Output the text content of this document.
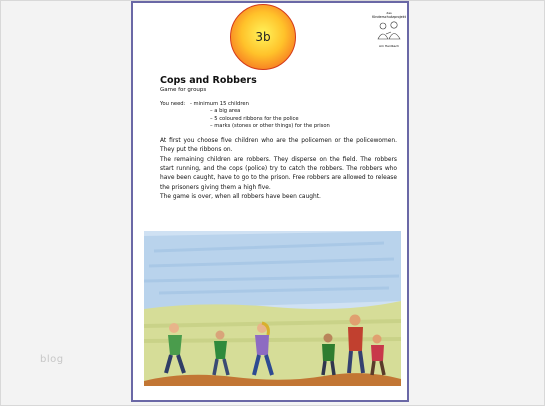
blog
3b
das
Kinderschutzprojekt
Am Heidbach

Cops and Robbers

Game for groups

You need: - minimum 15 children
– a big area
– 5 coloured ribbons for the police
– marks (stones or other things) for the prison

At first you choose five children who are the policemen or the policewomen. They put the ribbons on.

The remaining children are robbers. They disperse on the field. The robbers start running, and the cops (police) try to catch the robbers. The robbers who have been caught, have to go to the prison. Free robbers are allowed to release the prisoners giving them a high five.

The game is over, when all robbers have been caught.
